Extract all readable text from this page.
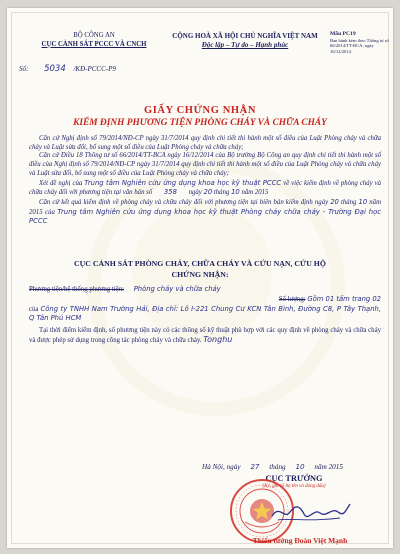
BỘ CÔNG AN
CỤC CẢNH SÁT PCCC VÀ CNCH
CỘNG HOÀ XÃ HỘI CHỦ NGHĨA VIỆT NAM
Độc lập – Tự do – Hạnh phúc
Mẫu PC19
Ban hành kèm theo Thông tư số 66/2014/TT-BCA, ngày 16/12/2014
Số: 5034 /KĐ-PCCC-P9
GIẤY CHỨNG NHẬN
KIỂM ĐỊNH PHƯƠNG TIỆN PHÒNG CHÁY VÀ CHỮA CHÁY

Căn cứ Nghị định số 79/2014/NĐ-CP ngày 31/7/2014 quy định chi tiết thi hành một số điều của Luật Phòng cháy và chữa cháy và Luật sửa đổi, bổ sung một số điều của Luật Phòng cháy và chữa cháy;

Căn cứ Điều 18 Thông tư số 66/2014/TT-BCA ngày 16/12/2014 của Bộ trưởng Bộ Công an quy định chi tiết thi hành một số điều của Nghị định số 79/2014/NĐ-CP ngày 31/7/2014 quy định chi tiết thi hành một số điều của Luật Phòng cháy và chữa cháy và Luật sửa đổi, bổ sung một số điều của Luật Phòng cháy và chữa cháy;

Xét đề nghị của Trung tâm Nghiên cứu ứng dụng khoa học kỹ thuật PCCC về việc kiểm định về phòng cháy và chữa cháy đối với phương tiện tại văn bản số 358 ngày 20 tháng 10 năm 2015

Căn cứ kết quả kiểm định về phòng cháy và chữa cháy đối với phương tiện tại biên bản kiểm định ngày 20 tháng 10 năm 2015 của Trung tâm Nghiên cứu ứng dụng khoa học kỹ thuật Phòng cháy chữa cháy - Trường Đại học PCCC

CỤC CẢNH SÁT PHÒNG CHÁY, CHỮA CHÁY VÀ CỨU NẠN, CỨU HỘ
CHỨNG NHẬN:

Phương tiện/hệ thống phương tiện: Phòng cháy và chữa cháy

Số lượng: Gồm 01 tấm trang 02

của Công ty TNHH Nam Trường Hải, Địa chỉ: Lô I-221 Chung Cư KCN Tân Bình, Đường C8, P Tây Thạnh, Q Tân Phú HCM

Tại thời điểm kiểm định, số phương tiện này có các thông số kỹ thuật phù hợp với các quy định về phòng cháy và chữa cháy và được phép sử dụng trong công tác phòng cháy và chữa cháy. Tonghu

Hà Nội, ngày 27 tháng 10 năm 2015
CỤC TRƯỞNG
(Ký, ghi rõ họ tên và đóng dấu)
Thiếu tướng Đoàn Việt Mạnh
